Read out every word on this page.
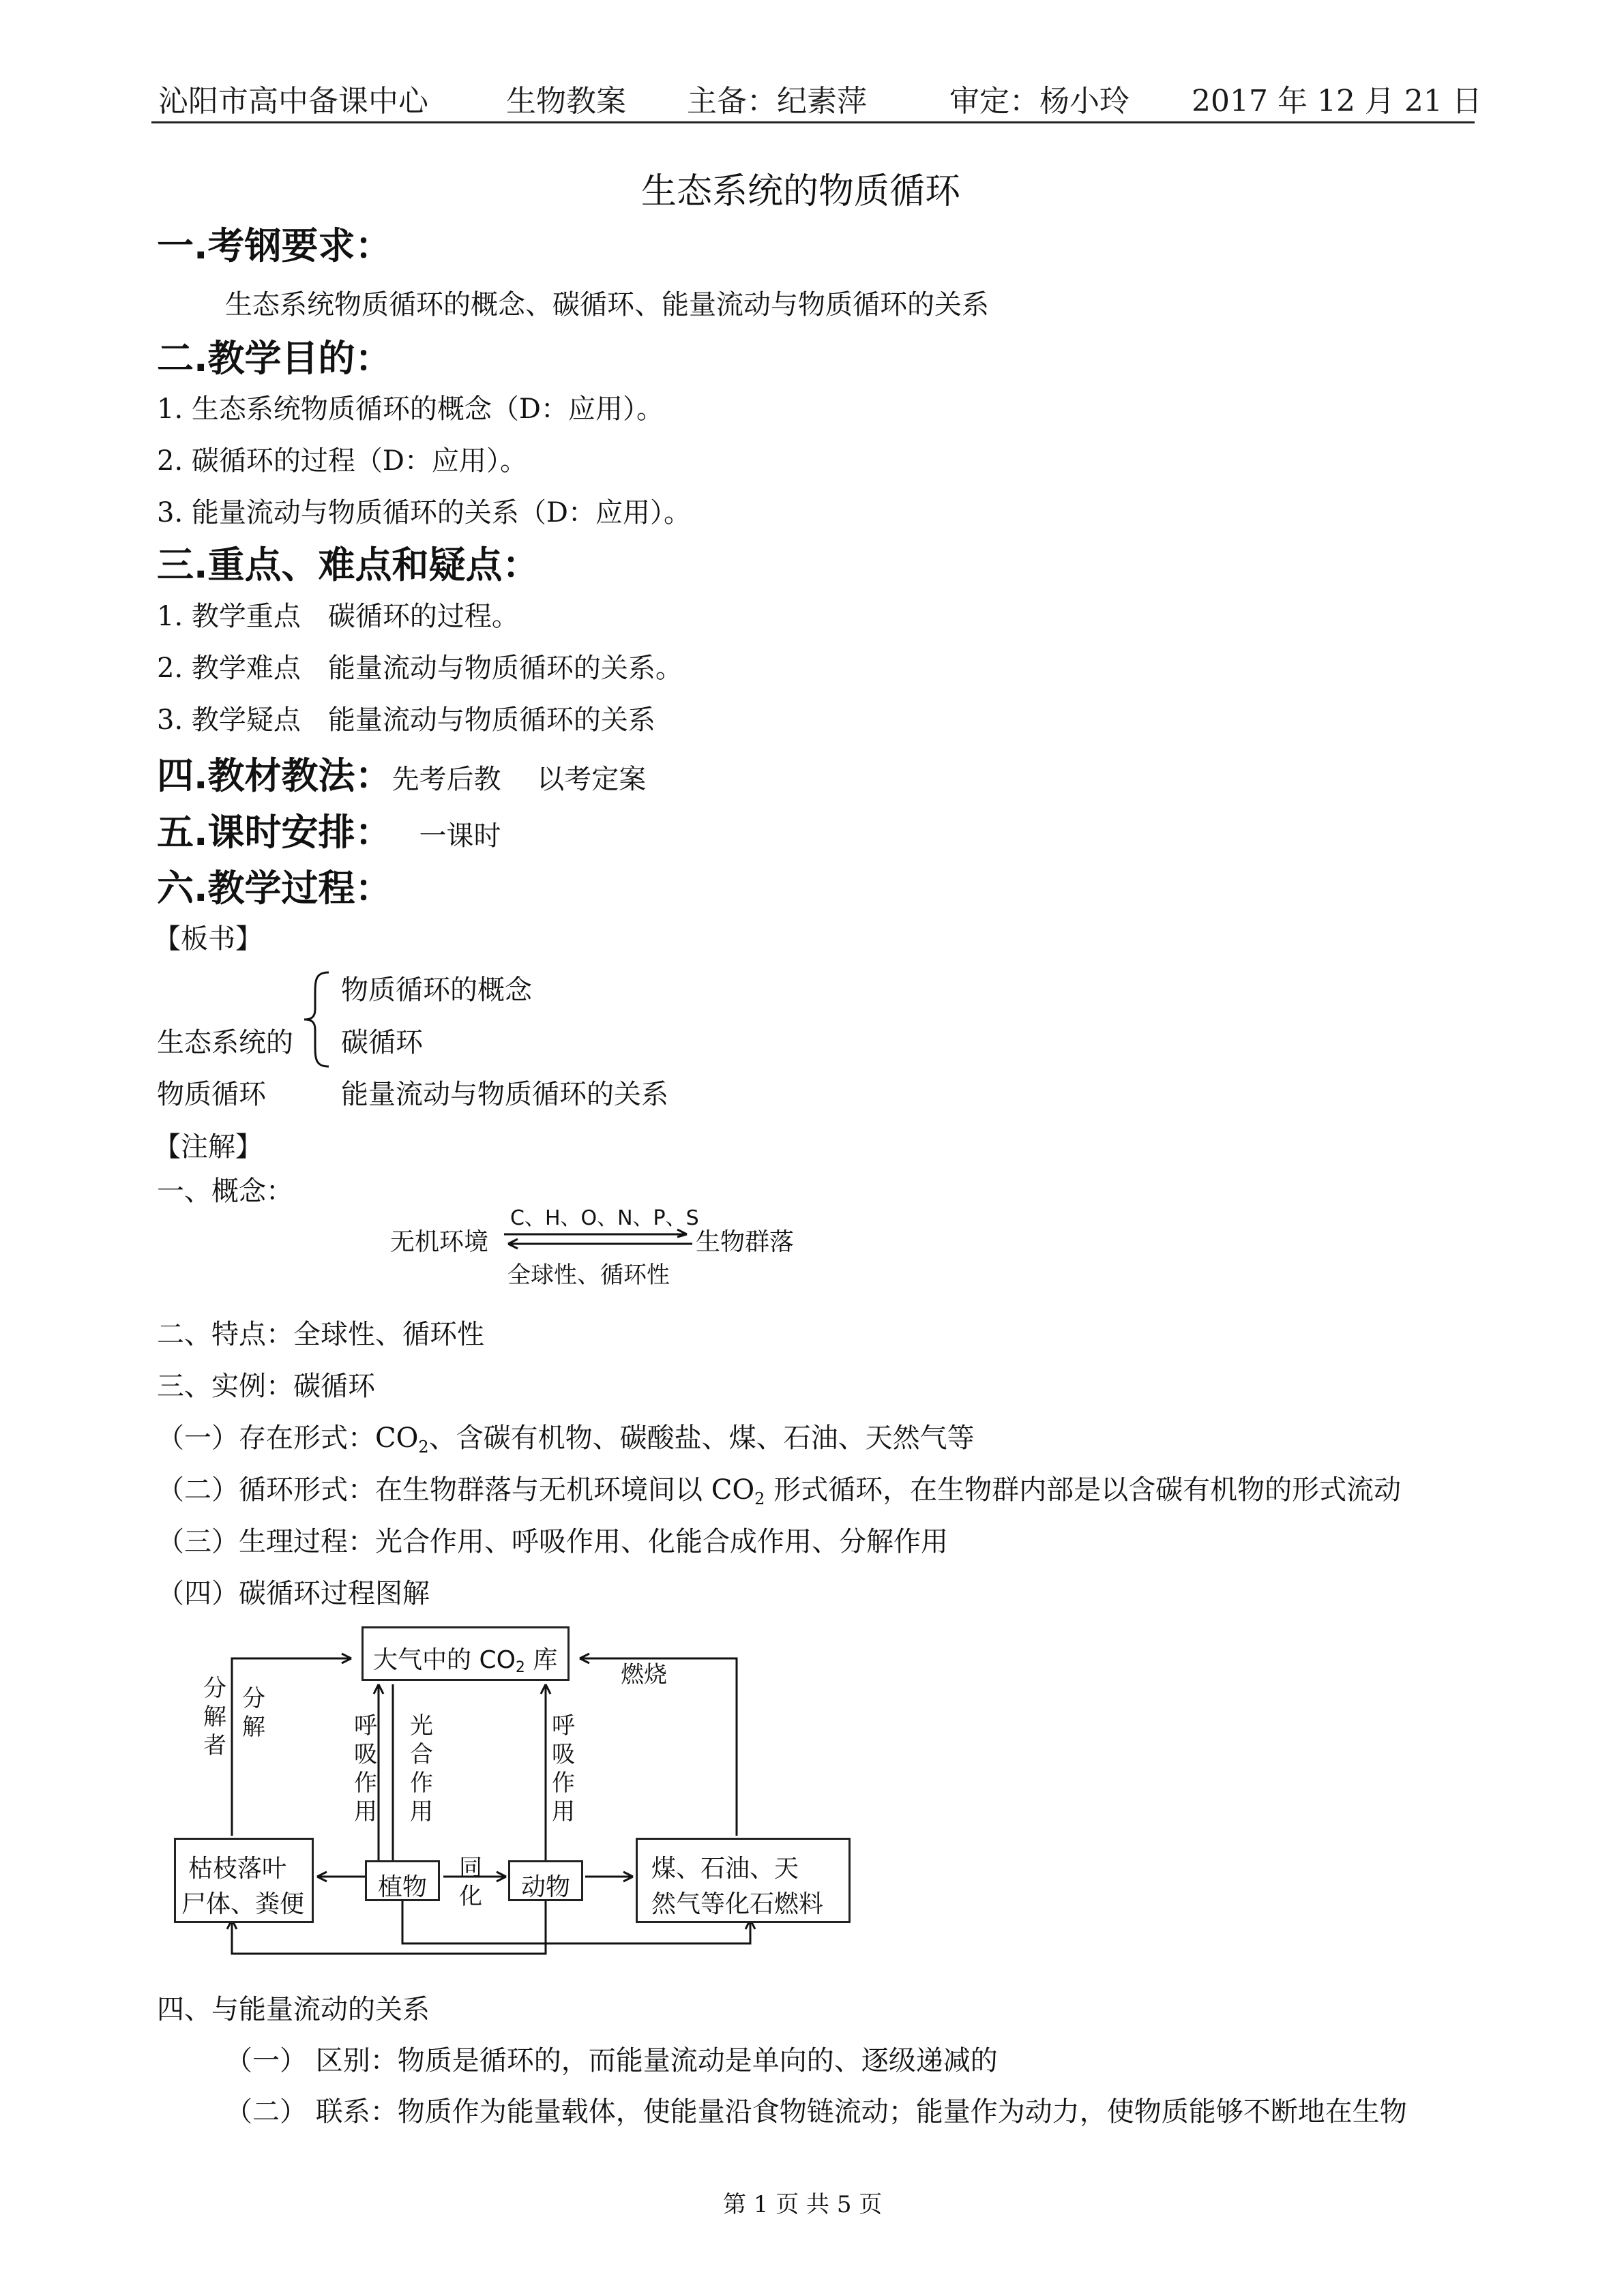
沁阳市高中备课中心	生物教案 主备：纪素萍	审定：杨小玲 2017 年 12 月 21 日
生态系统的物质循环
一.考钢要求：
生态系统物质循环的概念、碳循环、能量流动与物质循环的关系
二.教学目的：
1. 生态系统物质循环的概念（D：应用）。
2. 碳循环的过程（D：应用）。
3. 能量流动与物质循环的关系（D：应用）。
三.重点、难点和疑点：
1. 教学重点　碳循环的过程。
2. 教学难点　能量流动与物质循环的关系。
3. 教学疑点　能量流动与物质循环的关系
四.教材教法：先考后教　 以考定案
五.课时安排： 一课时
六.教学过程：
【板书】
生态系统的
物质循环
物质循环的概念
碳循环
能量流动与物质循环的关系
【注解】
一、概念：
无机环境	生物群落
C、H、O、N、P、S
全球性、循环性
二、特点：全球性、循环性
三、实例：碳循环
（一）存在形式：$CO_2$、含碳有机物、碳酸盐、煤、石油、天然气等
（二）循环形式：在生物群落与无机环境间以 $CO_2$ 形式循环，在生物群内部是以含碳有机物的形式流动
（三）生理过程：光合作用、呼吸作用、化能合成作用、分解作用
（四）碳循环过程图解
大气中的 CO2 库
枯枝落叶
尸体、粪便
植物	动物
煤、石油、天
然气等化石燃料
分解者
分解	呼吸作用
光合作用
呼吸作用
同化
燃烧
四、与能量流动的关系
（一） 区别：物质是循环的，而能量流动是单向的、逐级递减的
（二） 联系：物质作为能量载体，使能量沿食物链流动；能量作为动力，使物质能够不断地在生物
第 1 页 共 5 页
